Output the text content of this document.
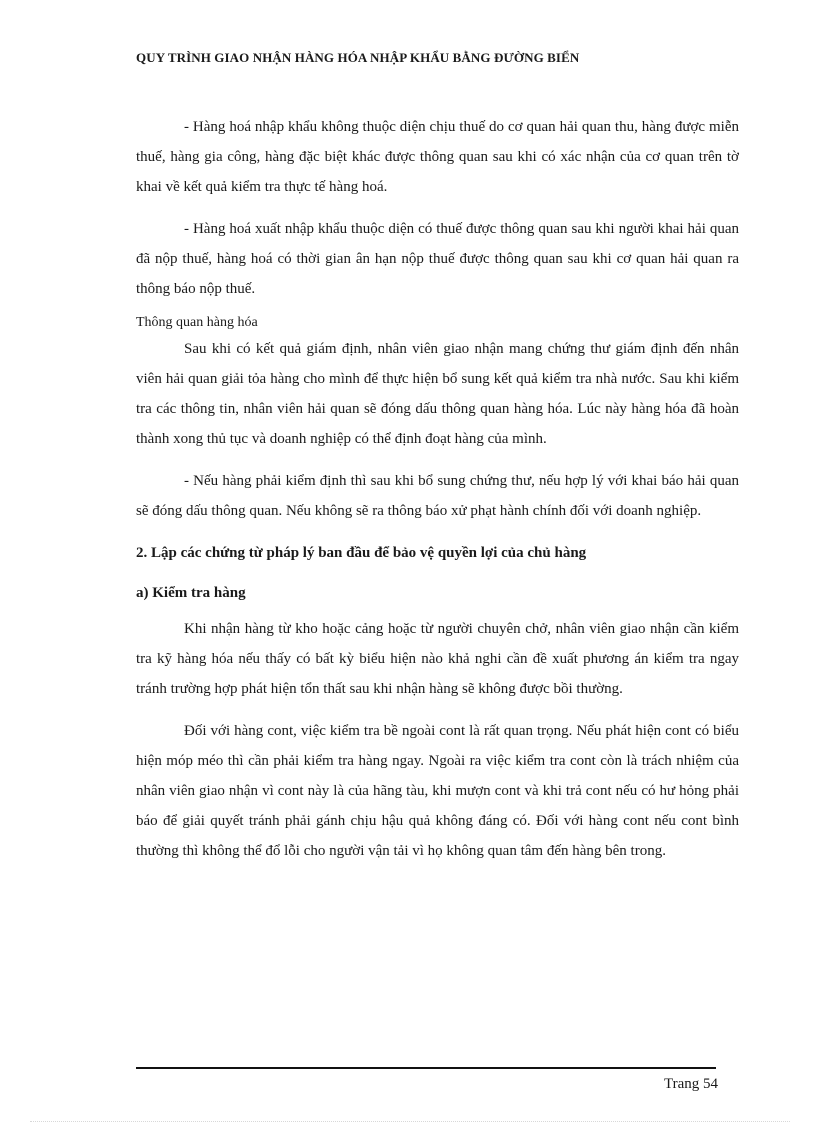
QUY TRÌNH GIAO NHẬN HÀNG HÓA NHẬP KHẨU BẰNG ĐƯỜNG BIỂN

- Hàng hoá nhập khẩu không thuộc diện chịu thuế do cơ quan hải quan thu, hàng được miễn thuế, hàng gia công, hàng đặc biệt khác được thông quan sau khi có xác nhận của cơ quan trên tờ khai về kết quả kiểm tra thực tế hàng hoá.

- Hàng hoá xuất nhập khẩu thuộc diện có thuế được thông quan sau khi người khai hải quan đã nộp thuế, hàng hoá có thời gian ân hạn nộp thuế được thông quan sau khi cơ quan hải quan ra thông báo nộp thuế.

Thông quan hàng hóa

Sau khi có kết quả giám định, nhân viên giao nhận mang chứng thư giám định đến nhân viên hải quan giải tỏa hàng cho mình để thực hiện bổ sung kết quả kiểm tra nhà nước. Sau khi kiểm tra các thông tin, nhân viên hải quan sẽ đóng dấu thông quan hàng hóa. Lúc này hàng hóa đã hoàn thành xong thủ tục và doanh nghiệp có thể định đoạt hàng của mình.

- Nếu hàng phải kiểm định thì sau khi bổ sung chứng thư, nếu hợp lý với khai báo hải quan sẽ đóng dấu thông quan. Nếu không sẽ ra thông báo xử phạt hành chính đối với doanh nghiệp.

2. Lập các chứng từ pháp lý ban đầu để bảo vệ quyền lợi của chủ hàng

a) Kiểm tra hàng

Khi nhận hàng từ kho hoặc cảng hoặc từ người chuyên chở, nhân viên giao nhận cần kiểm tra kỹ hàng hóa nếu thấy có bất kỳ biểu hiện nào khả nghi cần đề xuất phương án kiểm tra ngay tránh trường hợp phát hiện tổn thất sau khi nhận hàng sẽ không được bồi thường.

Đối với hàng cont, việc kiểm tra bề ngoài cont là rất quan trọng. Nếu phát hiện cont có biểu hiện móp méo thì cần phải kiểm tra hàng ngay. Ngoài ra việc kiểm tra cont còn là trách nhiệm của nhân viên giao nhận vì cont này là của hãng tàu, khi mượn cont và khi trả cont nếu có hư hỏng phải báo để giải quyết tránh phải gánh chịu hậu quả không đáng có. Đối với hàng cont nếu cont bình thường thì không thể đổ lỗi cho người vận tải vì họ không quan tâm đến hàng bên trong.

Trang 54
